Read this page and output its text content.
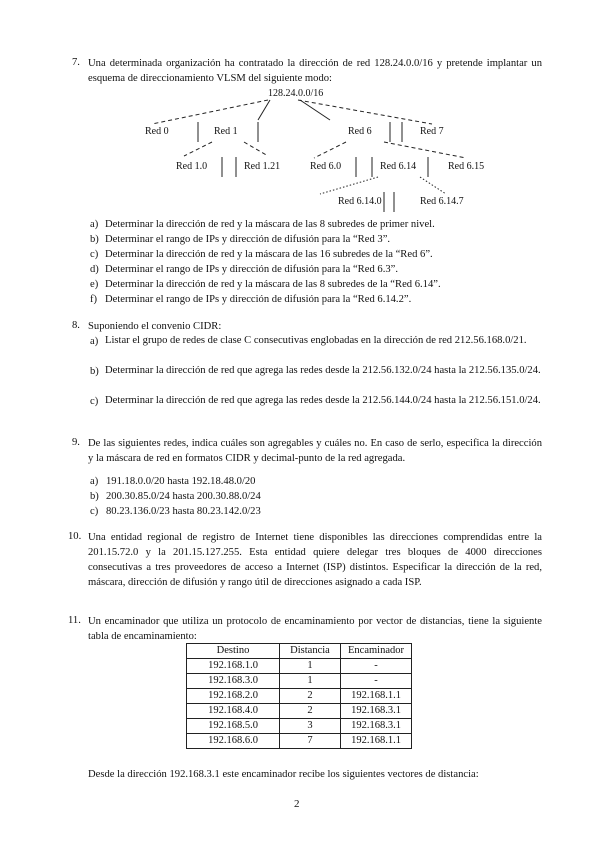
7. Una determinada organización ha contratado la dirección de red 128.24.0.0/16 y pretende implantar un esquema de direccionamiento VLSM del siguiente modo:
128.24.0.0/16
Red 0	Red 1	Red 6	Red 7
Red 1.0	Red 1.21	Red 6.0	Red 6.14	Red 6.15
Red 6.14.0	Red 6.14.7
a) Determinar la dirección de red y la máscara de las 8 subredes de primer nivel.
b) Determinar el rango de IPs y dirección de difusión para la “Red 3”.
c) Determinar la dirección de red y la máscara de las 16 subredes de la “Red 6”.
d) Determinar el rango de IPs y dirección de difusión para la “Red 6.3”.
e) Determinar la dirección de red y la máscara de las 8 subredes de la “Red 6.14”.
f) Determinar el rango de IPs y dirección de difusión para la “Red 6.14.2”.
8. Suponiendo el convenio CIDR:
a) Listar el grupo de redes de clase C consecutivas englobadas en la dirección de red 212.56.168.0/21.
b) Determinar la dirección de red que agrega las redes desde la 212.56.132.0/24 hasta la 212.56.135.0/24.
c) Determinar la dirección de red que agrega las redes desde la 212.56.144.0/24 hasta la 212.56.151.0/24.
9. De las siguientes redes, indica cuáles son agregables y cuáles no. En caso de serlo, especifica la dirección y la máscara de red en formatos CIDR y decimal-punto de la red agregada.
a) 191.18.0.0/20 hasta 192.18.48.0/20
b) 200.30.85.0/24 hasta 200.30.88.0/24
c) 80.23.136.0/23 hasta 80.23.142.0/23
10. Una entidad regional de registro de Internet tiene disponibles las direcciones comprendidas entre la 201.15.72.0 y la 201.15.127.255. Esta entidad quiere delegar tres bloques de 4000 direcciones consecutivas a tres proveedores de acceso a Internet (ISP) distintos. Especificar la dirección de la red, máscara, dirección de difusión y rango útil de direcciones asignado a cada ISP.
11. Un encaminador que utiliza un protocolo de encaminamiento por vector de distancias, tiene la siguiente tabla de encaminamiento:
Destino	Distancia	Encaminador
192.168.1.0	1	-
192.168.3.0	1	-
192.168.2.0	2	192.168.1.1
192.168.4.0	2	192.168.3.1
192.168.5.0	3	192.168.3.1
192.168.6.0	7	192.168.1.1
Desde la dirección 192.168.3.1 este encaminador recibe los siguientes vectores de distancia:
2
